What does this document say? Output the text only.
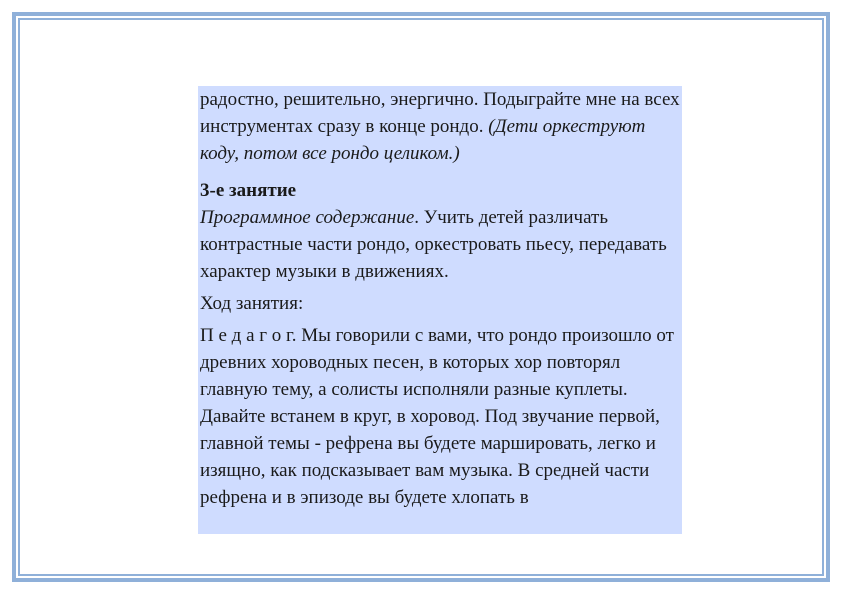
радостно, решительно, энергично. Подыграйте мне на всех инструментах сразу в конце рондо. (Дети оркеструют коду, потом все рондо целиком.)

3-е занятие

Программное содержание. Учить детей различать контрастные части рондо, оркестровать пьесу, передавать характер музыки в движениях.

Ход занятия:

П е д а г о г. Мы говорили с вами, что рондо произошло от древних хороводных песен, в которых хор повторял главную тему, а солисты исполняли разные куплеты. Давайте встанем в круг, в хоровод. Под звучание первой, главной темы - рефрена вы будете маршировать, легко и изящно, как подсказывает вам музыка. В средней части рефрена и в эпизоде вы будете хлопать в
